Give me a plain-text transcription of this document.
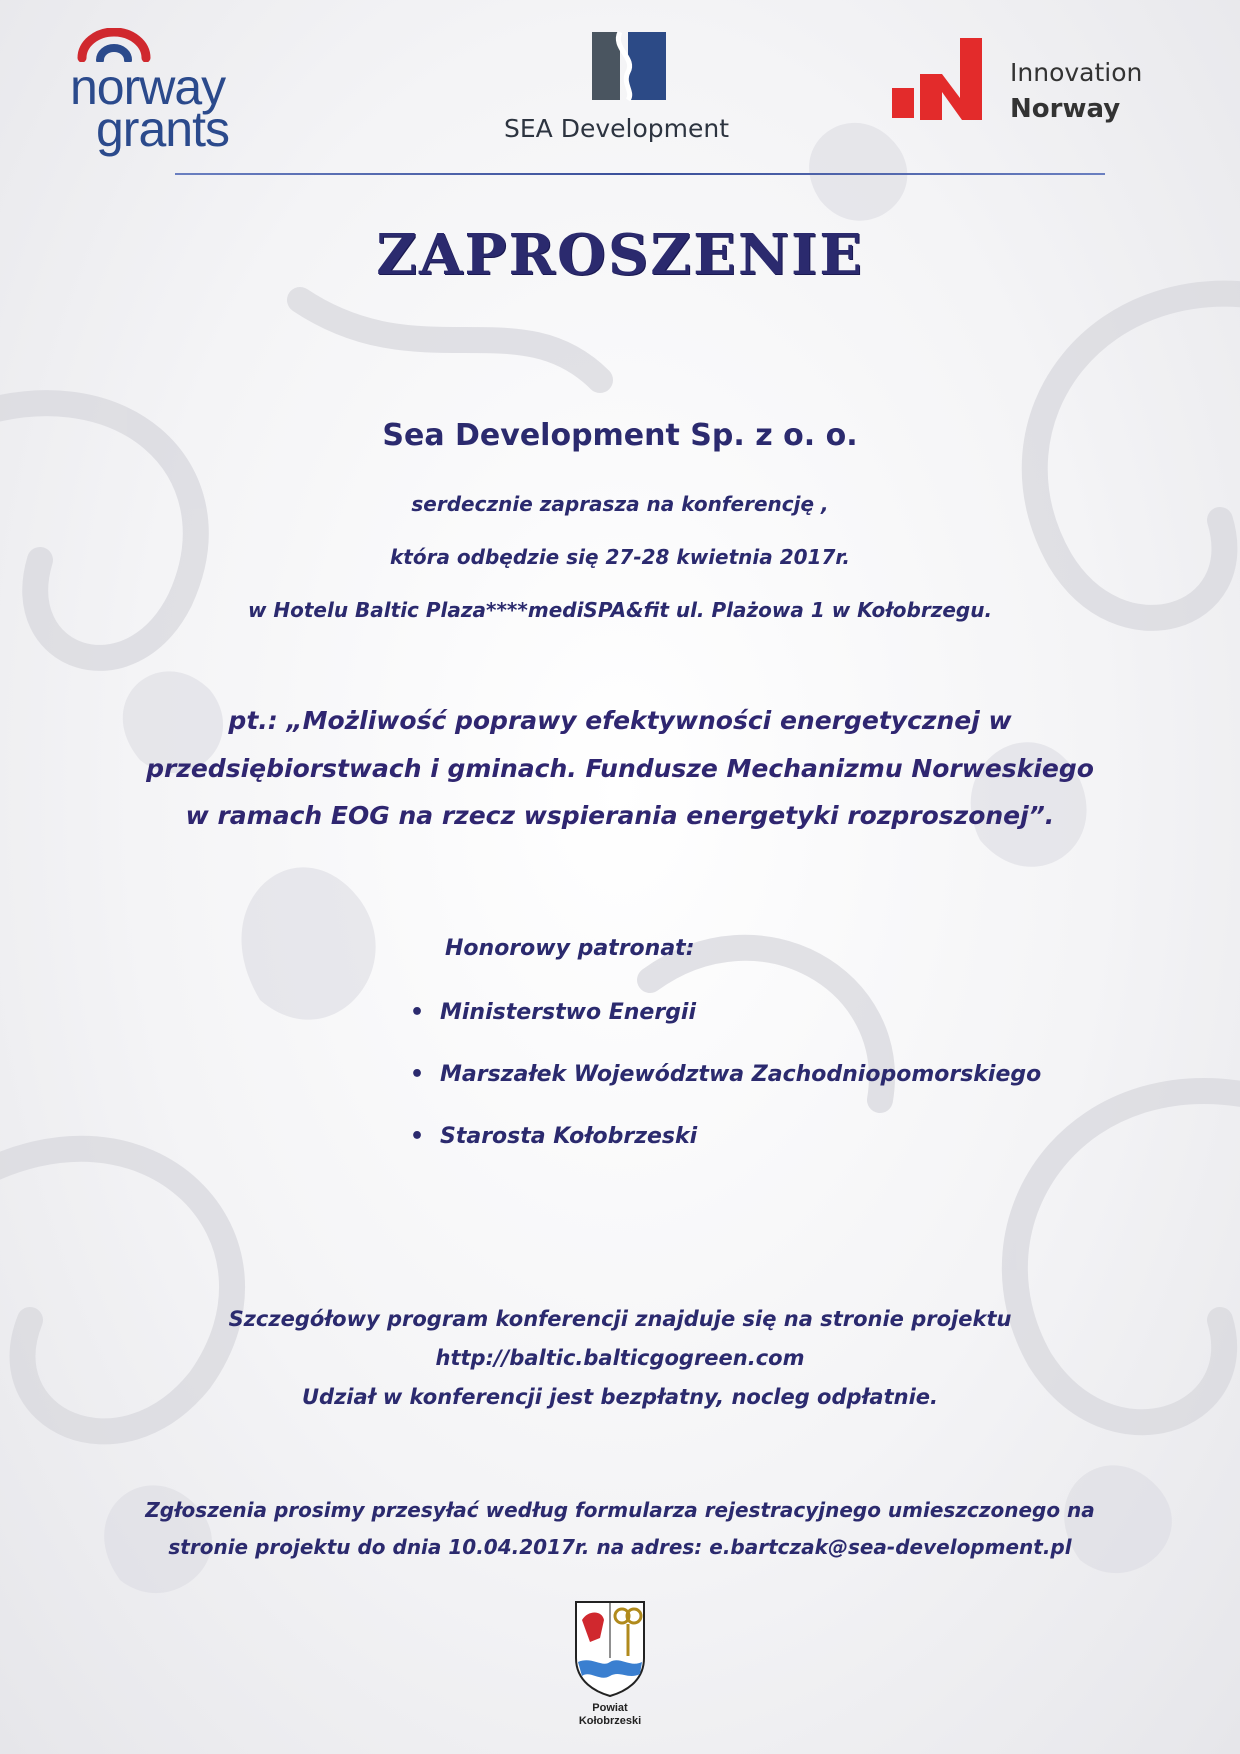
norway
grants	SEA Development
Innovation
Norway
ZAPROSZENIE
Sea Development Sp. z o. o.
serdecznie zaprasza na konferencję ,
która odbędzie się 27-28 kwietnia 2017r.
w Hotelu Baltic Plaza****mediSPA&fit ul. Plażowa 1 w Kołobrzegu.
pt.: „Możliwość poprawy efektywności energetycznej w
przedsiębiorstwach i gminach. Fundusze Mechanizmu Norweskiego
w ramach EOG na rzecz wspierania energetyki rozproszonej”.
Honorowy patronat:
• Ministerstwo Energii
• Marszałek Województwa Zachodniopomorskiego
• Starosta Kołobrzeski
Szczegółowy program konferencji znajduje się na stronie projektu
http://baltic.balticgogreen.com
Udział w konferencji jest bezpłatny, nocleg odpłatnie.
Zgłoszenia prosimy przesyłać według formularza rejestracyjnego umieszczonego na
stronie projektu do dnia 10.04.2017r. na adres: e.bartczak@sea-development.pl
Powiat
Kołobrzeski
